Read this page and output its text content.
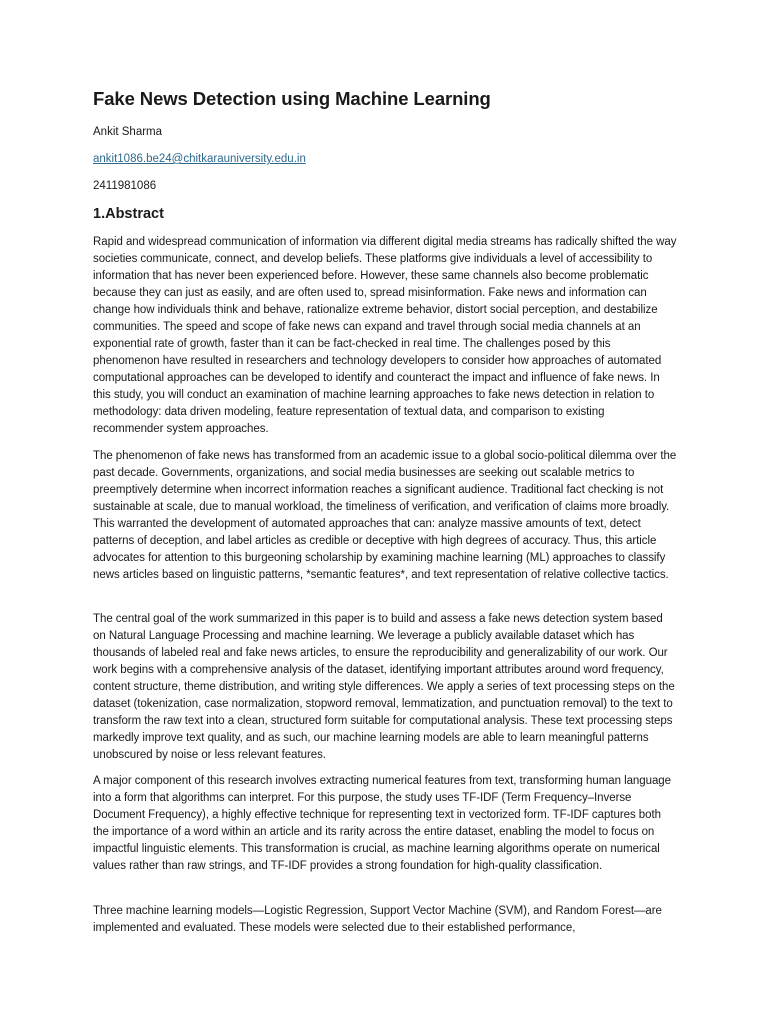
Fake News Detection using Machine Learning
Ankit Sharma
ankit1086.be24@chitkarauniversity.edu.in
2411981086
1.Abstract

Rapid and widespread communication of information via different digital media streams has radically shifted the way societies communicate, connect, and develop beliefs. These platforms give individuals a level of accessibility to information that has never been experienced before. However, these same channels also become problematic because they can just as easily, and are often used to, spread misinformation. Fake news and information can change how individuals think and behave, rationalize extreme behavior, distort social perception, and destabilize communities. The speed and scope of fake news can expand and travel through social media channels at an exponential rate of growth, faster than it can be fact-checked in real time. The challenges posed by this phenomenon have resulted in researchers and technology developers to consider how approaches of automated computational approaches can be developed to identify and counteract the impact and influence of fake news. In this study, you will conduct an examination of machine learning approaches to fake news detection in relation to methodology: data driven modeling, feature representation of textual data, and comparison to existing recommender system approaches.

The phenomenon of fake news has transformed from an academic issue to a global socio-political dilemma over the past decade. Governments, organizations, and social media businesses are seeking out scalable metrics to preemptively determine when incorrect information reaches a significant audience. Traditional fact checking is not sustainable at scale, due to manual workload, the timeliness of verification, and verification of claims more broadly. This warranted the development of automated approaches that can: analyze massive amounts of text, detect patterns of deception, and label articles as credible or deceptive with high degrees of accuracy. Thus, this article advocates for attention to this burgeoning scholarship by examining machine learning (ML) approaches to classify news articles based on linguistic patterns, *semantic features*, and text representation of relative collective tactics.

The central goal of the work summarized in this paper is to build and assess a fake news detection system based on Natural Language Processing and machine learning. We leverage a publicly available dataset which has thousands of labeled real and fake news articles, to ensure the reproducibility and generalizability of our work. Our work begins with a comprehensive analysis of the dataset, identifying important attributes around word frequency, content structure, theme distribution, and writing style differences. We apply a series of text processing steps on the dataset (tokenization, case normalization, stopword removal, lemmatization, and punctuation removal) to the text to transform the raw text into a clean, structured form suitable for computational analysis. These text processing steps markedly improve text quality, and as such, our machine learning models are able to learn meaningful patterns unobscured by noise or less relevant features.

A major component of this research involves extracting numerical features from text, transforming human language into a form that algorithms can interpret. For this purpose, the study uses TF-IDF (Term Frequency–Inverse Document Frequency), a highly effective technique for representing text in vectorized form. TF-IDF captures both the importance of a word within an article and its rarity across the entire dataset, enabling the model to focus on impactful linguistic elements. This transformation is crucial, as machine learning algorithms operate on numerical values rather than raw strings, and TF-IDF provides a strong foundation for high-quality classification.

Three machine learning models—Logistic Regression, Support Vector Machine (SVM), and Random Forest—are implemented and evaluated. These models were selected due to their established performance,
